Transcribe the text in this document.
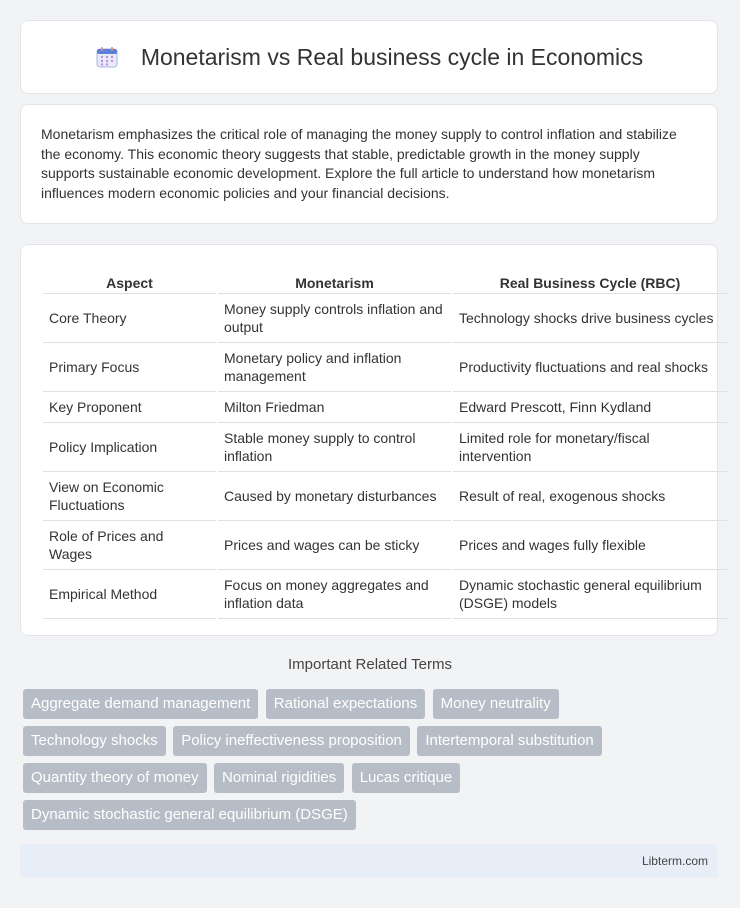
Monetarism vs Real business cycle in Economics

Monetarism emphasizes the critical role of managing the money supply to control inflation and stabilize the economy. This economic theory suggests that stable, predictable growth in the money supply supports sustainable economic development. Explore the full article to understand how monetarism influences modern economic policies and your financial decisions.

Aspect	Monetarism	Real Business Cycle (RBC)
Core Theory	Money supply controls inflation and output	Technology shocks drive business cycles
Primary Focus	Monetary policy and inflation management	Productivity fluctuations and real shocks
Key Proponent	Milton Friedman	Edward Prescott, Finn Kydland
Policy Implication	Stable money supply to control inflation	Limited role for monetary/fiscal intervention
View on Economic Fluctuations	Caused by monetary disturbances	Result of real, exogenous shocks
Role of Prices and Wages	Prices and wages can be sticky	Prices and wages fully flexible
Empirical Method	Focus on money aggregates and inflation data	Dynamic stochastic general equilibrium (DSGE) models
Important Related Terms
Aggregate demand management Rational expectations Money neutrality
Technology shocks Policy ineffectiveness proposition Intertemporal substitution
Quantity theory of money Nominal rigidities Lucas critique
Dynamic stochastic general equilibrium (DSGE)
Libterm.com
